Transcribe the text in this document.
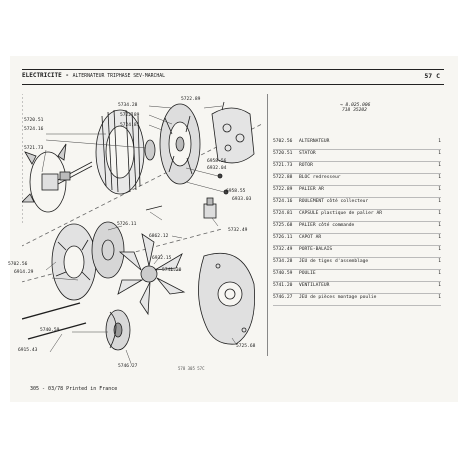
ELECTRICITE - ALTERNATEUR TRIPHASE SEV-MARCHAL	57 C
5734.28
5722.89
5722.89
5724.81
5720.51
5724.16
5721.73
6958.56
6932.04
6958.55
6933.03
5726.11
6862.12
5732.49
5702.56
6914.29
6932.15
5741.20
5740.59
6915.43
5746.27
5725.68
→ 8.025.006
718 35202
5702.56 ALTERNATEUR	1
5720.51 STATOR	1
5721.73 ROTOR	1
5722.88 BLOC redresseur	1
5722.89 PALIER AR	1
5724.16 ROULEMENT côté collecteur	1
5724.81 CAPSULE plastique de palier AR	1
5725.68 PALIER côté commande	1
5726.11 CAPOT AR	1
5732.49 PORTE-BALAIS	1
5734.28 JEU de tiges d'assemblage	1
5740.59 POULIE	1
5741.20 VENTILATEUR	1
5746.27 JEU de pièces montage poulie	1
578 305 57C
305 - 03/78 Printed in France
